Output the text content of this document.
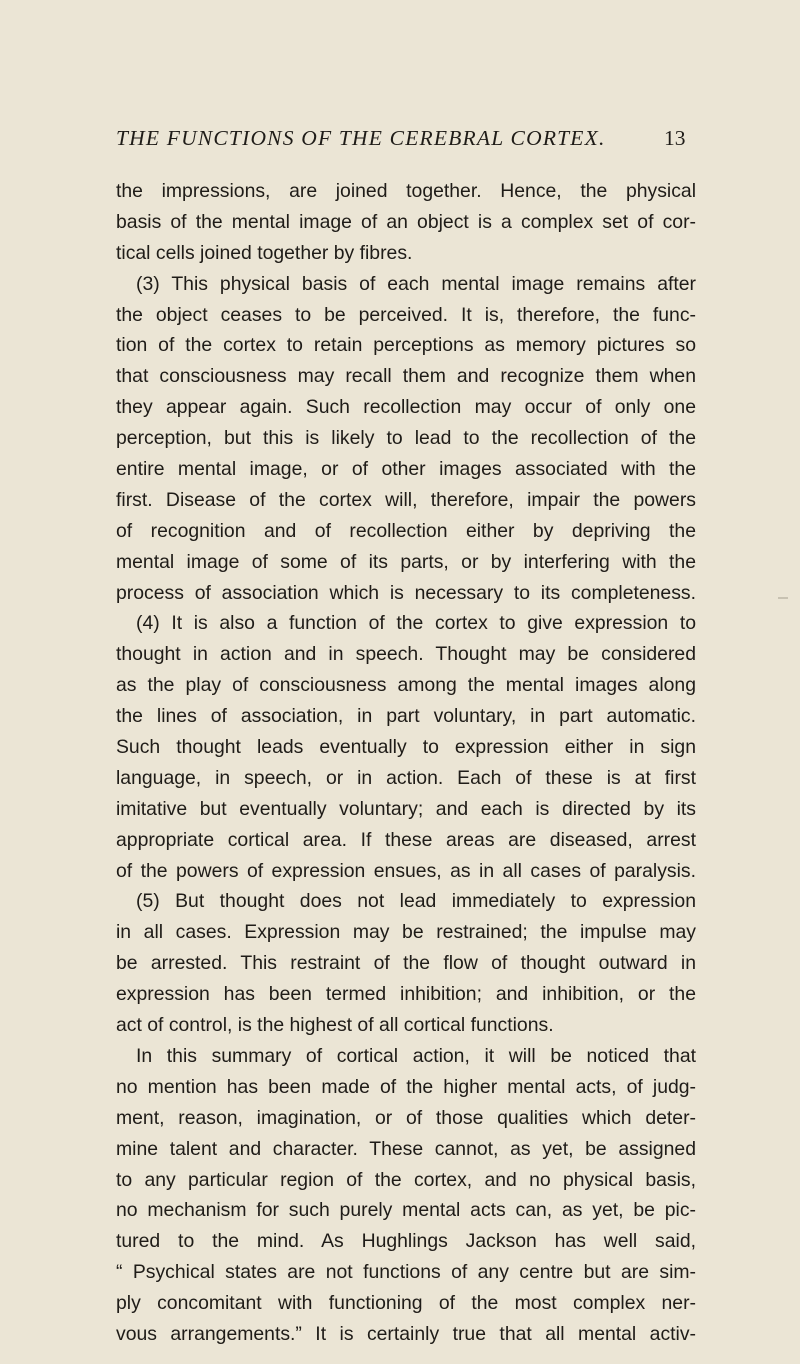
THE FUNCTIONS OF THE CEREBRAL CORTEX.	13
the impressions, are joined together. Hence, the physical
basis of the mental image of an object is a complex set of cor-
tical cells joined together by fibres.
(3) This physical basis of each mental image remains after
the object ceases to be perceived. It is, therefore, the func-
tion of the cortex to retain perceptions as memory pictures so
that consciousness may recall them and recognize them when
they appear again. Such recollection may occur of only one
perception, but this is likely to lead to the recollection of the
entire mental image, or of other images associated with the
first. Disease of the cortex will, therefore, impair the powers
of recognition and of recollection either by depriving the
mental image of some of its parts, or by interfering with the
process of association which is necessary to its completeness.
(4) It is also a function of the cortex to give expression to
thought in action and in speech. Thought may be considered
as the play of consciousness among the mental images along
the lines of association, in part voluntary, in part automatic.
Such thought leads eventually to expression either in sign
language, in speech, or in action. Each of these is at first
imitative but eventually voluntary; and each is directed by its
appropriate cortical area. If these areas are diseased, arrest
of the powers of expression ensues, as in all cases of paralysis.
(5) But thought does not lead immediately to expression
in all cases. Expression may be restrained; the impulse may
be arrested. This restraint of the flow of thought outward in
expression has been termed inhibition; and inhibition, or the
act of control, is the highest of all cortical functions.
In this summary of cortical action, it will be noticed that
no mention has been made of the higher mental acts, of judg-
ment, reason, imagination, or of those qualities which deter-
mine talent and character. These cannot, as yet, be assigned
to any particular region of the cortex, and no physical basis,
no mechanism for such purely mental acts can, as yet, be pic-
tured to the mind. As Hughlings Jackson has well said,
“ Psychical states are not functions of any centre but are sim-
ply concomitant with functioning of the most complex ner-
vous arrangements.” It is certainly true that all mental activ-
